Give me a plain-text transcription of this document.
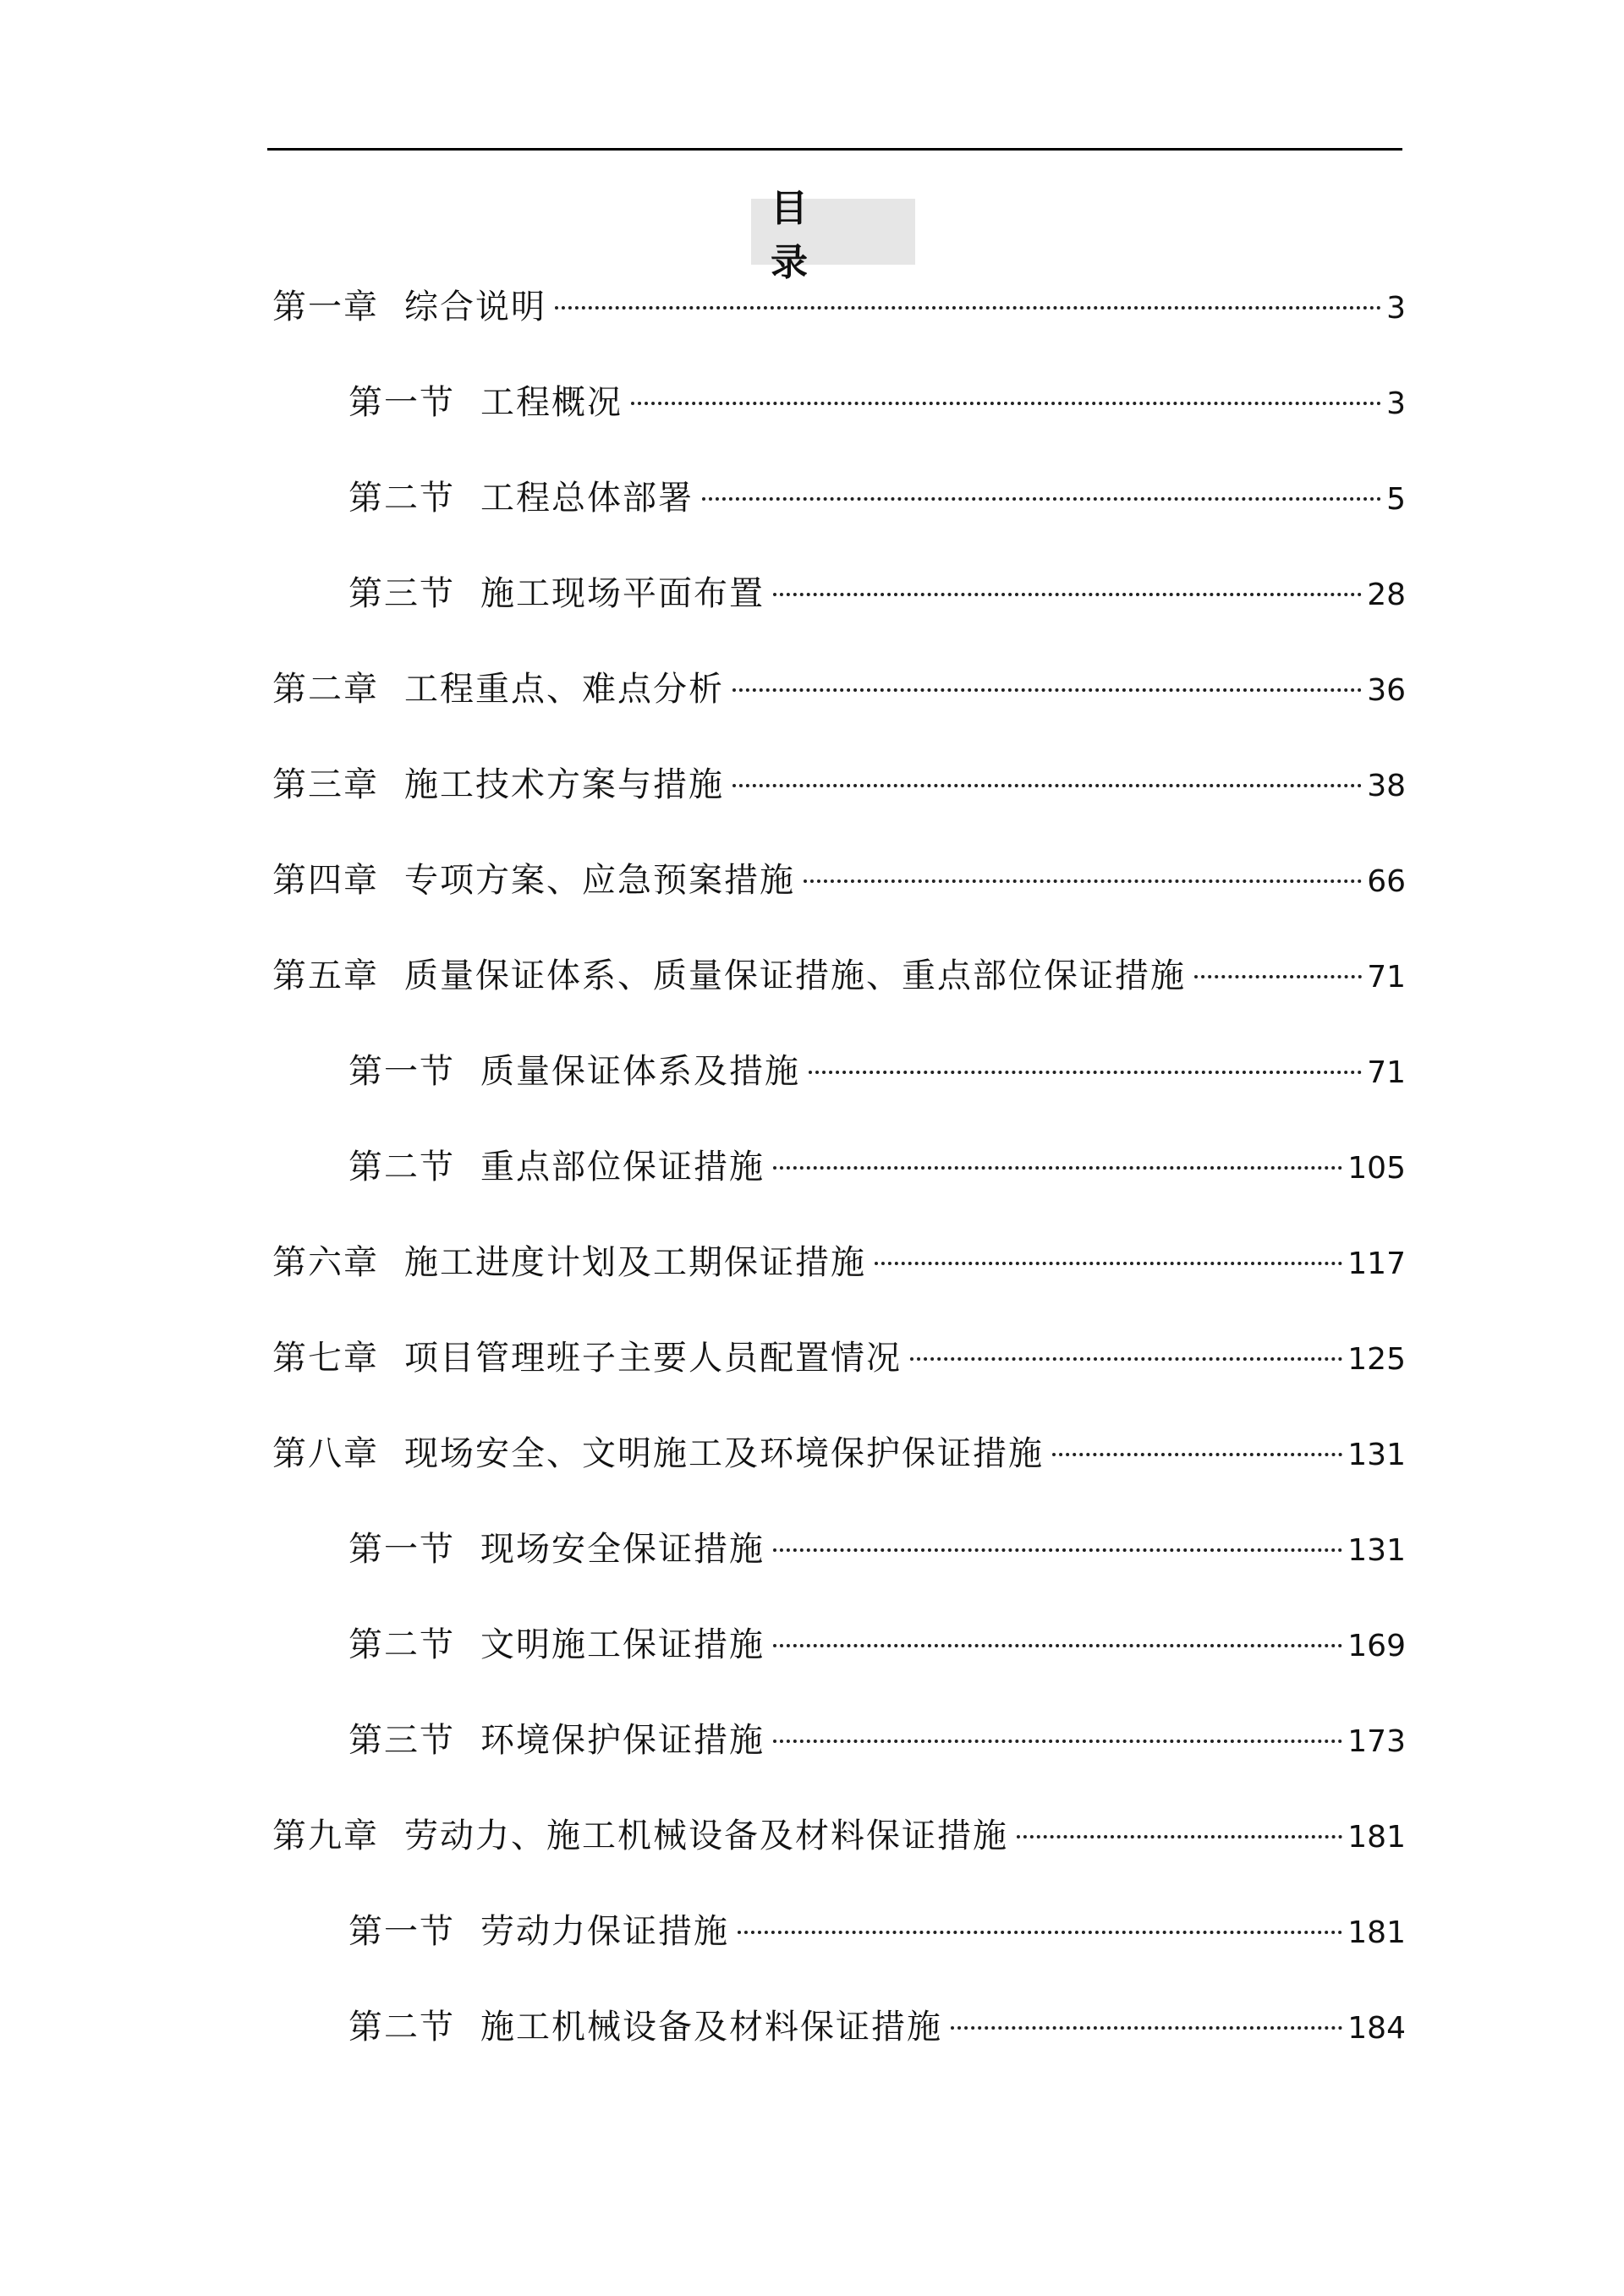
目　录
第一章 综合说明	3
第一节 工程概况	3
第二节 工程总体部署	5
第三节 施工现场平面布置	28
第二章 工程重点、难点分析	36
第三章 施工技术方案与措施	38
第四章 专项方案、应急预案措施	66
第五章 质量保证体系、质量保证措施、重点部位保证措施	71
第一节 质量保证体系及措施	71
第二节 重点部位保证措施	105
第六章 施工进度计划及工期保证措施	117
第七章 项目管理班子主要人员配置情况	125
第八章 现场安全、文明施工及环境保护保证措施	131
第一节 现场安全保证措施	131
第二节 文明施工保证措施	169
第三节 环境保护保证措施	173
第九章 劳动力、施工机械设备及材料保证措施	181
第一节 劳动力保证措施	181
第二节 施工机械设备及材料保证措施	184
